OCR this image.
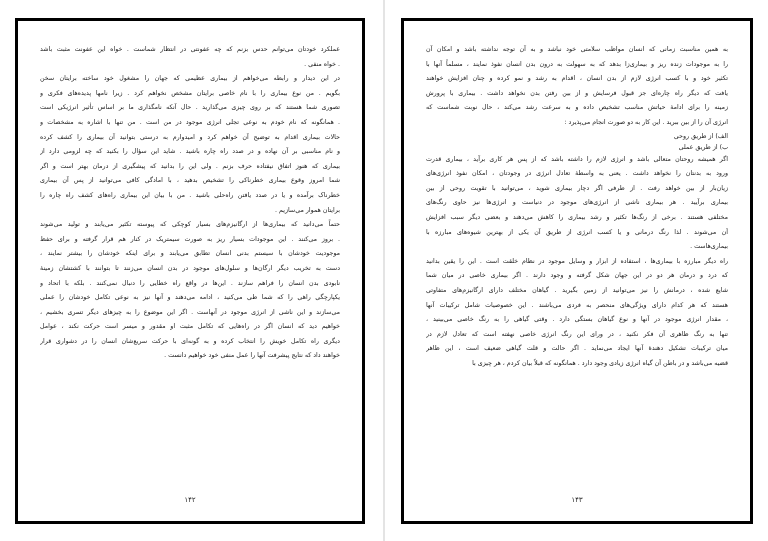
عملکرد خودتان می‌توانم حدس بزنم که چه عفونتی در انتظار شماست . خواه این عفونت مثبت باشد
. خواه منفی .
در این دیدار و رابطه می‌خواهم از بیماری عظیمی که جهان را مشغول خود ساخته برایتان سخن
بگویم . من نوع بیماری را با نام خاصی برایتان مشخص نخواهم کرد . زیرا نامها پدیده‌های فکری و
تصوری شما هستند که بر روی چیزی می‌گذارید . حال آنکه نامگذاری ما بر اساس تأثیر انرژیکی است
. همانگونه که نام خودم به نوعی تجلی انرژی موجود در من است . من تنها با اشاره به مشخصات و
حالات بیماری اقدام به توضیح آن خواهم کرد و امیدوارم به درستی بتوانید آن بیماری را کشف کرده
و نام مناسبی بر آن نهاده و در صدد راه چاره باشید . شاید این سؤال را بکنید که چه لزومی دارد از
بیماری که هنوز اتفاق نیفتاده حرف بزنم . ولی این را بدانید که پیشگیری از درمان بهتر است و اگر
شما امروز وقوع بیماری خطرناکی را تشخیص بدهید ، با امادگی کافی می‌توانید از پس آن بیماری
خطرناک برآمده و یا در صدد یافتن راه‌حلی باشید . من با بیان این بیماری راه‌های کشف راه چاره را
برایتان هموار می‌سازیم .
حتماً می‌دانید که بیماری‌ها از ارگانیزم‌های بسیار کوچکی که پیوسته تکثیر می‌یابند و تولید می‌شوند
. بروز می‌کنند . این موجودات بسیار ریز به صورت سیمتریک در کنار هم قرار گرفته و برای حفظ
موجودیت خودشان با سیستم بدنی انسان تطابق می‌یابند و برای اینکه خودشان را بیشتر نمایند ،
دست به تخریب دیگر ارگان‌ها و سلول‌های موجود در بدن انسان می‌زنند تا بتوانند با کشتشان زمینهٔ
نابودی بدن انسان را فراهم سازند . این‌ها در واقع راه خطایی را دنبال نمی‌کنند . بلکه با اتحاد و
یکپارچگی راهی را که شما طی می‌کنید ، ادامه می‌دهند و آنها نیز به نوعی تکامل خودشان را عملی
می‌سازند و این ناشی از انرژی موجود در آنهاست . اگر این موضوع را به چیزهای دیگر تسری بخشیم ،
خواهیم دید که انسان اگر در راه‌هایی که تکامل مثبت او مقدور و میسر است حرکت نکند ، عوامل
دیگری راه تکامل خویش را انتخاب کرده و به گونه‌ای با حرکت سریع‌شان انسان را در دشواری قرار
خواهند داد که نتایج پیشرفت آنها را عمل منفی خود خواهیم دانست .
۱۴۲
به همین مناسبت زمانی که انسان مواظب سلامتی خود نباشد و به آن توجه نداشته باشد و امکان آن
را به موجودات زنده ریز و بیماری‌زا بدهد که به سهولت به درون بدن انسان نفوذ نمایند ، مسلماً آنها با
تکثیر خود و با کسب انرژی لازم از بدن انسان ، اقدام به رشد و نمو کرده و چنان افزایش خواهند
یافت که دیگر راه چاره‌ای جز قبول فرسایش و از بین رفتن بدن نخواهد داشت . بیماری با پرورش
زمینه را برای ادامهٔ حیاتش مناسب تشخیص داده و به سرعت رشد می‌کند ، حال نوبت شماست که
انرژی آن را از بین ببرید . این کار به دو صورت انجام می‌پذیرد :
الف) از طریق روحی
ب) از طریق عملی
اگر همیشه روحتان متعالی باشد و انرژی لازم را داشته باشد که از پس هر کاری برآید ، بیماری قدرت
ورود به بدنتان را نخواهد داشت . یعنی به واسطهٔ تعادل انرژی در وجودتان ، امکان نفوذ انرژی‌های
زیان‌بار از بین خواهد رفت . از طرفی اگر دچار بیماری شوید ، می‌توانید با تقویت روحی از بین
بیماری برآیید . هر بیماری ناشی از انرژی‌های موجود در دنیاست و انرژی‌ها نیز حاوی رنگ‌های
مختلفی هستند . برخی از رنگ‌ها تکثیر و رشد بیماری را کاهش می‌دهند و بعضی دیگر سبب افزایش
آن می‌شوند . لذا رنگ درمانی و یا کسب انرژی از طریق آن یکی از بهترین شیوه‌های مبارزه با
بیماری‌هاست .
راه دیگر مبارزه با بیماری‌ها ، استفاده از ابزار و وسایل موجود در نظام خلقت است . این را یقین بدانید
که درد و درمان هر دو در این جهان شکل گرفته و وجود دارند . اگر بیماری خاصی در میان شما
شایع شده ، درمانش را نیز می‌توانید از زمین بگیرید . گیاهان مختلف دارای ارگانیزم‌های متفاوتی
هستند که هر کدام دارای ویژگی‌های منحصر به فردی می‌باشند . این خصوصیات شامل ترکیبات آنها
، مقدار انرژی موجود در آنها و نوع گیاهان بستگی دارد . وقتی گیاهی را به رنگ خاصی می‌بینید ،
تنها به رنگ ظاهری آن فکر نکنید ، در ورای این رنگ انرژی خاصی نهفته است که تعادل لازم در
میان ترکیبات تشکیل دهندهٔ آنها ایجاد می‌نماید . اگر حالت و قلت گیاهی ضعیف است ، این ظاهر
قضیه می‌باشد و در باطن آن گیاه انرژی زیادی وجود دارد . همانگونه که قبلاً بیان کردم ، هر چیزی با
۱۴۳
